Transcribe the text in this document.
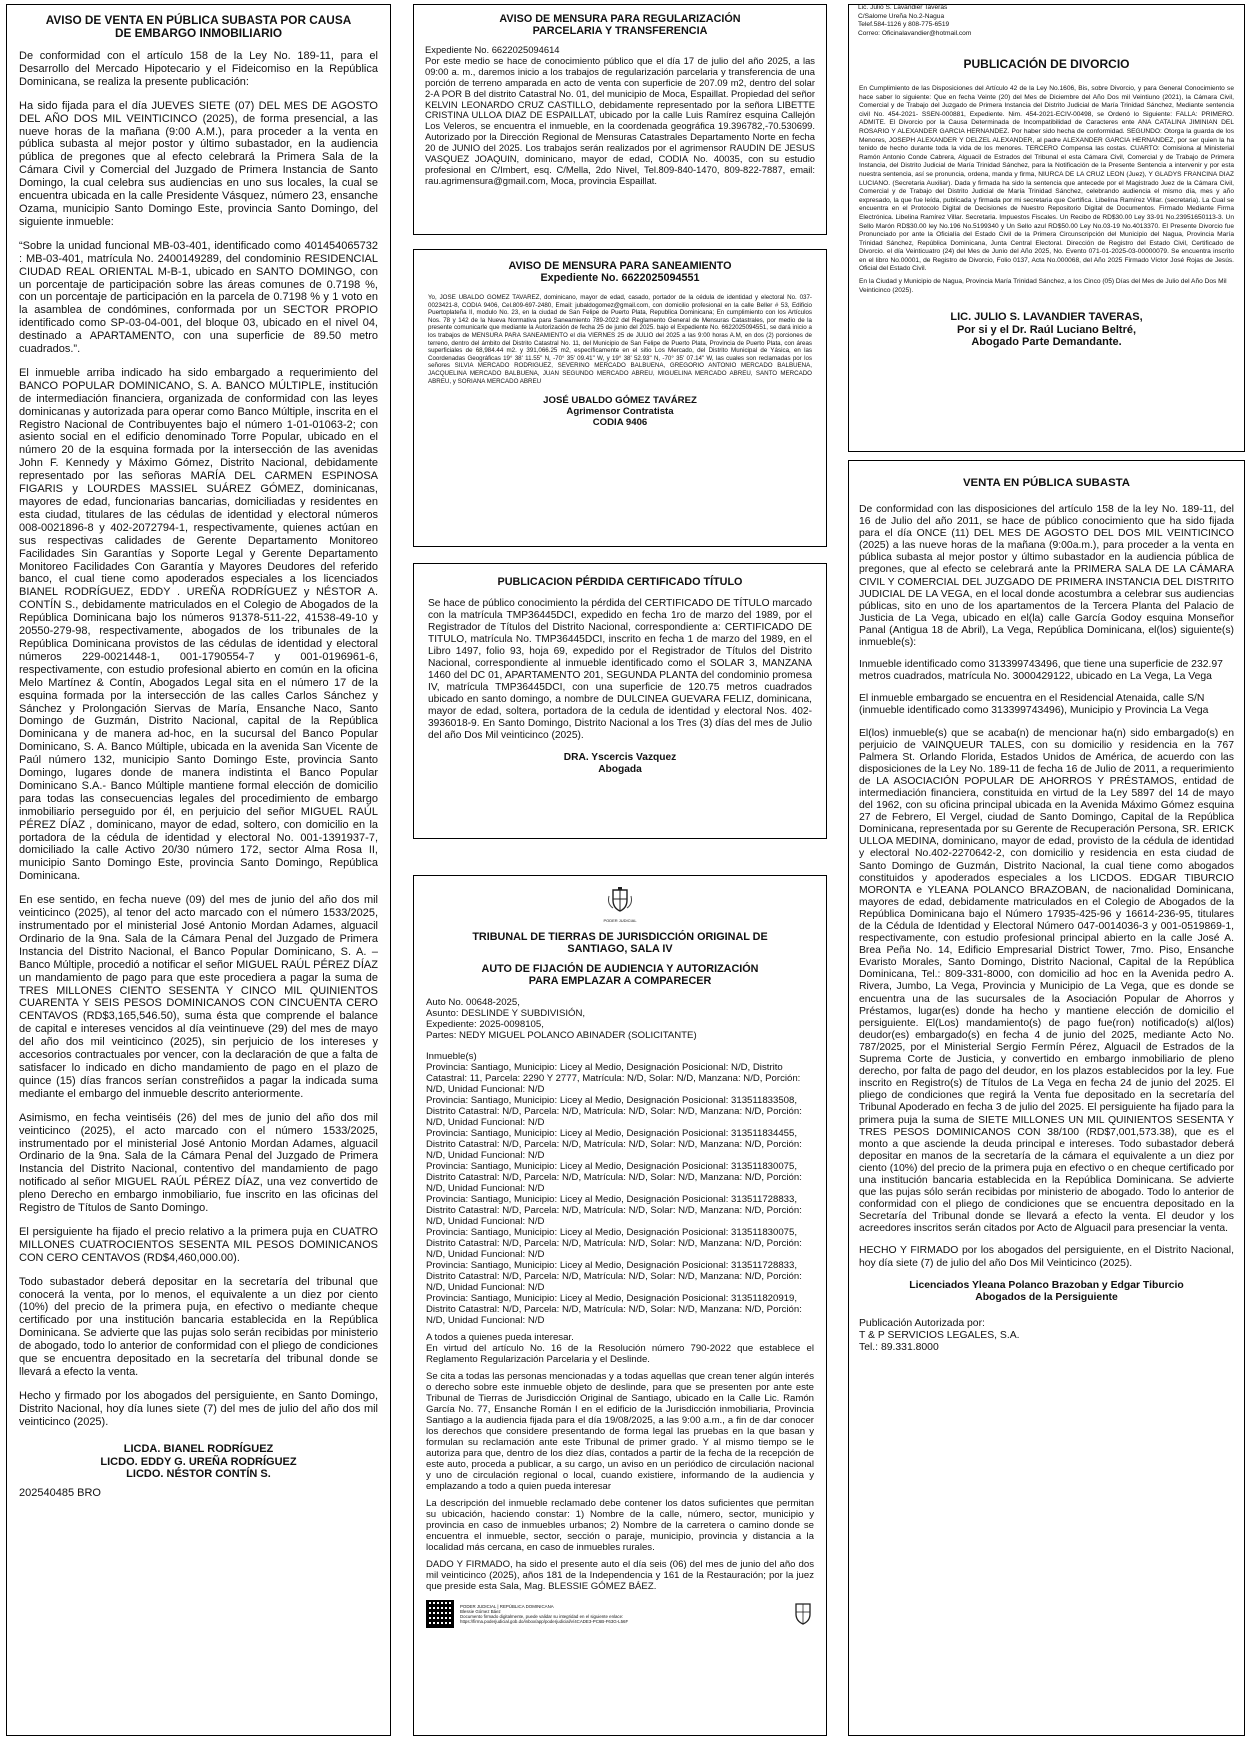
AVISO DE VENTA EN PÚBLICA SUBASTA POR CAUSA DE EMBARGO INMOBILIARIO

De conformidad con el artículo 158 de la Ley No. 189-11, para el Desarrollo del Mercado Hipotecario y el Fideicomiso en la República Dominicana, se realiza la presente publicación:

Ha sido fijada para el día JUEVES SIETE (07) DEL MES DE AGOSTO DEL AÑO DOS MIL VEINTICINCO (2025), de forma presencial, a las nueve horas de la mañana (9:00 A.M.), para proceder a la venta en pública subasta al mejor postor y último subastador, en la audiencia pública de pregones que al efecto celebrará la Primera Sala de la Cámara Civil y Comercial del Juzgado de Primera Instancia de Santo Domingo, la cual celebra sus audiencias en uno sus locales, la cual se encuentra ubicada en la calle Presidente Vásquez, número 23, ensanche Ozama, municipio Santo Domingo Este, provincia Santo Domingo, del siguiente inmueble:

“Sobre la unidad funcional MB-03-401, identificado como 401454065732 : MB-03-401, matrícula No. 2400149289, del condominio RESIDENCIAL CIUDAD REAL ORIENTAL M-B-1, ubicado en SANTO DOMINGO, con un porcentaje de participación sobre las áreas comunes de 0.7198 %, con un porcentaje de participación en la parcela de 0.7198 % y 1 voto en la asamblea de condómines, conformada por un SECTOR PROPIO identificado como SP-03-04-001, del bloque 03, ubicado en el nivel 04, destinado a APARTAMENTO, con una superficie de 89.50 metro cuadrados.”.

El inmueble arriba indicado ha sido embargado a requerimiento del BANCO POPULAR DOMINICANO, S. A. BANCO MÚLTIPLE, institución de intermediación financiera, organizada de conformidad con las leyes dominicanas y autorizada para operar como Banco Múltiple, inscrita en el Registro Nacional de Contribuyentes bajo el número 1-01-01063-2; con asiento social en el edificio denominado Torre Popular, ubicado en el número 20 de la esquina formada por la intersección de las avenidas John F. Kennedy y Máximo Gómez, Distrito Nacional, debidamente representado por las señoras MARÍA DEL CARMEN ESPINOSA FIGARIS y LOURDES MASSIEL SUÁREZ GÓMEZ, dominicanas, mayores de edad, funcionarias bancarias, domiciliadas y residentes en esta ciudad, titulares de las cédulas de identidad y electoral números 008-0021896-8 y 402-2072794-1, respectivamente, quienes actúan en sus respectivas calidades de Gerente Departamento Monitoreo Facilidades Sin Garantías y Soporte Legal y Gerente Departamento Monitoreo Facilidades Con Garantía y Mayores Deudores del referido banco, el cual tiene como apoderados especiales a los licenciados BIANEL RODRÍGUEZ, EDDY . UREÑA RODRÍGUEZ y NÉSTOR A. CONTÍN S., debidamente matriculados en el Colegio de Abogados de la República Dominicana bajo los números 91378-511-22, 41538-49-10 y 20550-279-98, respectivamente, abogados de los tribunales de la República Dominicana provistos de las cédulas de identidad y electoral números 229-0021448-1, 001-1790554-7 y 001-0196961-6, respectivamente, con estudio profesional abierto en común en la oficina Melo Martínez & Contín, Abogados Legal sita en el número 17 de la esquina formada por la intersección de las calles Carlos Sánchez y Sánchez y Prolongación Siervas de María, Ensanche Naco, Santo Domingo de Guzmán, Distrito Nacional, capital de la República Dominicana y de manera ad-hoc, en la sucursal del Banco Popular Dominicano, S. A. Banco Múltiple, ubicada en la avenida San Vicente de Paúl número 132, municipio Santo Domingo Este, provincia Santo Domingo, lugares donde de manera indistinta el Banco Popular Dominicano S.A.- Banco Múltiple mantiene formal elección de domicilio para todas las consecuencias legales del procedimiento de embargo inmobiliario perseguido por él, en perjuicio del señor MIGUEL RAÚL PÉREZ DÍAZ , dominicano, mayor de edad, soltero, con domicilio en la portadora de la cédula de identidad y electoral No. 001-1391937-7, domiciliado la calle Activo 20/30 número 172, sector Alma Rosa II, municipio Santo Domingo Este, provincia Santo Domingo, República Dominicana.

En ese sentido, en fecha nueve (09) del mes de junio del año dos mil veinticinco (2025), al tenor del acto marcado con el número 1533/2025, instrumentado por el ministerial José Antonio Mordan Adames, alguacil Ordinario de la 9na. Sala de la Cámara Penal del Juzgado de Primera Instancia del Distrito Nacional, el Banco Popular Dominicano, S. A. – Banco Múltiple, procedió a notificar el señor MIGUEL RAÚL PÉREZ DÍAZ un mandamiento de pago para que este procediera a pagar la suma de TRES MILLONES CIENTO SESENTA Y CINCO MIL QUINIENTOS CUARENTA Y SEIS PESOS DOMINICANOS CON CINCUENTA CERO CENTAVOS (RD$3,165,546.50), suma ésta que comprende el balance de capital e intereses vencidos al día veintinueve (29) del mes de mayo del año dos mil veinticinco (2025), sin perjuicio de los intereses y accesorios contractuales por vencer, con la declaración de que a falta de satisfacer lo indicado en dicho mandamiento de pago en el plazo de quince (15) días francos serían constreñidos a pagar la indicada suma mediante el embargo del inmueble descrito anteriormente.

Asimismo, en fecha veintiséis (26) del mes de junio del año dos mil veinticinco (2025), el acto marcado con el número 1533/2025, instrumentado por el ministerial José Antonio Mordan Adames, alguacil Ordinario de la 9na. Sala de la Cámara Penal del Juzgado de Primera Instancia del Distrito Nacional, contentivo del mandamiento de pago notificado al señor MIGUEL RAÚL PÉREZ DÍAZ, una vez convertido de pleno Derecho en embargo inmobiliario, fue inscrito en las oficinas del Registro de Títulos de Santo Domingo.

El persiguiente ha fijado el precio relativo a la primera puja en CUATRO MILLONES CUATROCIENTOS SESENTA MIL PESOS DOMINICANOS CON CERO CENTAVOS (RD$4,460,000.00).

Todo subastador deberá depositar en la secretaría del tribunal que conocerá la venta, por lo menos, el equivalente a un diez por ciento (10%) del precio de la primera puja, en efectivo o mediante cheque certificado por una institución bancaria establecida en la República Dominicana. Se advierte que las pujas solo serán recibidas por ministerio de abogado, todo lo anterior de conformidad con el pliego de condiciones que se encuentra depositado en la secretaría del tribunal donde se llevará a efecto la venta.

Hecho y firmado por los abogados del persiguiente, en Santo Domingo, Distrito Nacional, hoy día lunes siete (7) del mes de julio del año dos mil veinticinco (2025).

LICDA. BIANEL RODRÍGUEZ
LICDO. EDDY G. UREÑA RODRÍGUEZ
LICDO. NÉSTOR CONTÍN S.
202540485 BRO
AVISO DE MENSURA PARA REGULARIZACIÓN PARCELARIA Y TRANSFERENCIA
Expediente No. 6622025094614

Por este medio se hace de conocimiento público que el día 17 de julio del año 2025, a las 09:00 a. m., daremos inicio a los trabajos de regularización parcelaria y transferencia de una porción de terreno amparada en acto de venta con superficie de 207.09 m2, dentro del solar 2-A POR B del distrito Catastral No. 01, del municipio de Moca, Espaillat. Propiedad del señor KELVIN LEONARDO CRUZ CASTILLO, debidamente representado por la señora LIBETTE CRISTINA ULLOA DIAZ DE ESPAILLAT, ubicado por la calle Luis Ramírez esquina Callejón Los Veleros, se encuentra el inmueble, en la coordenada geográfica 19.396782,-70.530699. Autorizado por la Dirección Regional de Mensuras Catastrales Departamento Norte en fecha 20 de JUNIO del 2025. Los trabajos serán realizados por el agrimensor RAUDIN DE JESUS VASQUEZ JOAQUIN, dominicano, mayor de edad, CODIA No. 40035, con su estudio profesional en C/Imbert, esq. C/Mella, 2do Nivel, Tel.809-840-1470, 809-822-7887, email: rau.agrimensura@gmail.com, Moca, provincia Espaillat.

AVISO DE MENSURA PARA SANEAMIENTO
Expediente No. 6622025094551

Yo, JOSE UBALDO GOMEZ TAVAREZ, dominicano, mayor de edad, casado, portador de la cédula de identidad y electoral No. 037-0023421-8, CODIA 9406, Cel.809-697-2480, Email: jubaldogomez@gmail.com, con domicilio profesional en la calle Beller # 53, Edificio Puertoplateña II, modulo No. 23, en la ciudad de San Felipe de Puerto Plata, Republica Dominicana; En cumplimiento con los Artículos Nos. 78 y 142 de la Nueva Normativa para Saneamiento 789-2022 del Reglamento General de Mensuras Catastrales, por medio de la presente comunicarle que mediante la Autorización de fecha 25 de junio del 2025. bajo el Expediente No. 6622025094551, se dará inicio a los trabajos de MENSURA PARA SANEAMIENTO el día VIERNES 25 de JULIO del 2025 a las 9:00 horas A.M, en dos (2) porciones de terreno, dentro del ámbito del Distrito Catastral No. 11, del Municipio de San Felipe de Puerto Plata, Provincia de Puerto Plata, con áreas superficiales de 68,984.44 m2. y 391,066.25 m2, específicamente en el sitio Los Mercado, del Distrito Municipal de Yásica, en las Coordenadas Geográficas 19° 38' 11.55" N, -70° 35' 09.41" W, y 19° 38' 52.93" N, -70° 35' 07.14" W, las cuales son reclamadas por los señores SILVIA MERCADO RODRIGUEZ, SEVERINO MERCADO BALBUENA, GREGORIO ANTONIO MERCADO BALBUENA, JACQUELINA MERCADO BALBUENA, JUAN SEGUNDO MERCADO ABREU, MIGUELINA MERCADO ABREU, SANTO MERCADO ABREU, y SORIANA MERCADO ABREU

JOSÉ UBALDO GÓMEZ TAVÁREZ
Agrimensor Contratista
CODIA 9406
PUBLICACION PÉRDIDA CERTIFICADO TÍTULO

Se hace de público conocimiento la pérdida del CERTIFICADO DE TÍTULO marcado con la matrícula TMP36445DCI, expedido en fecha 1ro de marzo del 1989, por el Registrador de Títulos del Distrito Nacional, correspondiente a: CERTIFICADO DE TITULO, matrícula No. TMP36445DCI, inscrito en fecha 1 de marzo del 1989, en el Libro 1497, folio 93, hoja 69, expedido por el Registrador de Títulos del Distrito Nacional, correspondiente al inmueble identificado como el SOLAR 3, MANZANA 1460 del DC 01, APARTAMENTO 201, SEGUNDA PLANTA del condominio promesa IV, matrícula TMP36445DCI, con una superficie de 120.75 metros cuadrados ubicado en santo domingo, a nombre de DULCINEA GUEVARA FELIZ, dominicana, mayor de edad, soltera, portadora de la cedula de identidad y electoral Nos. 402-3936018-9. En Santo Domingo, Distrito Nacional a los Tres (3) días del mes de Julio del año Dos Mil veinticinco (2025).

DRA. Yscercis Vazquez
Abogada
PODER JUDICIAL
TRIBUNAL DE TIERRAS DE JURISDICCIÓN ORIGINAL DE SANTIAGO, SALA IV
AUTO DE FIJACIÓN DE AUDIENCIA Y AUTORIZACIÓN PARA EMPLAZAR A COMPARECER
Auto No. 00648-2025,
Asunto: DESLINDE Y SUBDIVISIÓN,
Expediente: 2025-0098105,
Partes: NEDY MIGUEL POLANCO ABINADER (SOLICITANTE)

Inmueble(s)
Provincia: Santiago, Municipio: Licey al Medio, Designación Posicional: N/D, Distrito Catastral: 11, Parcela: 2290 Y 2777, Matrícula: N/D, Solar: N/D, Manzana: N/D, Porción: N/D, Unidad Funcional: N/D
Provincia: Santiago, Municipio: Licey al Medio, Designación Posicional: 313511833508, Distrito Catastral: N/D, Parcela: N/D, Matrícula: N/D, Solar: N/D, Manzana: N/D, Porción: N/D, Unidad Funcional: N/D
Provincia: Santiago, Municipio: Licey al Medio, Designación Posicional: 313511834455, Distrito Catastral: N/D, Parcela: N/D, Matrícula: N/D, Solar: N/D, Manzana: N/D, Porción: N/D, Unidad Funcional: N/D
Provincia: Santiago, Municipio: Licey al Medio, Designación Posicional: 313511830075, Distrito Catastral: N/D, Parcela: N/D, Matrícula: N/D, Solar: N/D, Manzana: N/D, Porción: N/D, Unidad Funcional: N/D
Provincia: Santiago, Municipio: Licey al Medio, Designación Posicional: 313511728833, Distrito Catastral: N/D, Parcela: N/D, Matrícula: N/D, Solar: N/D, Manzana: N/D, Porción: N/D, Unidad Funcional: N/D
Provincia: Santiago, Municipio: Licey al Medio, Designación Posicional: 313511830075, Distrito Catastral: N/D, Parcela: N/D, Matrícula: N/D, Solar: N/D, Manzana: N/D, Porción: N/D, Unidad Funcional: N/D
Provincia: Santiago, Municipio: Licey al Medio, Designación Posicional: 313511728833, Distrito Catastral: N/D, Parcela: N/D, Matrícula: N/D, Solar: N/D, Manzana: N/D, Porción: N/D, Unidad Funcional: N/D
Provincia: Santiago, Municipio: Licey al Medio, Designación Posicional: 313511820919, Distrito Catastral: N/D, Parcela: N/D, Matrícula: N/D, Solar: N/D, Manzana: N/D, Porción: N/D, Unidad Funcional: N/D

A todos a quienes pueda interesar.
En virtud del artículo No. 16 de la Resolución número 790-2022 que establece el Reglamento Regularización Parcelaria y el Deslinde.

Se cita a todas las personas mencionadas y a todas aquellas que crean tener algún interés o derecho sobre este inmueble objeto de deslinde, para que se presenten por ante este Tribunal de Tierras de Jurisdicción Original de Santiago, ubicado en la Calle Lic. Ramón García No. 77, Ensanche Román I en el edificio de la Jurisdicción inmobiliaria, Provincia Santiago a la audiencia fijada para el día 19/08/2025, a las 9:00 a.m., a fin de dar conocer los derechos que considere presentando de forma legal las pruebas en la que basan y formulan su reclamación ante este Tribunal de primer grado. Y al mismo tiempo se le autoriza para que, dentro de los diez días, contados a partir de la fecha de la recepción de este auto, proceda a publicar, a su cargo, un aviso en un periódico de circulación nacional y uno de circulación regional o local, cuando existiere, informando de la audiencia y emplazando a todo a quien pueda interesar

La descripción del inmueble reclamado debe contener los datos suficientes que permitan su ubicación, haciendo constar: 1) Nombre de la calle, número, sector, municipio y provincia en caso de inmuebles urbanos; 2) Nombre de la carretera o camino donde se encuentra el inmueble, sector, sección o paraje, municipio, provincia y distancia a la localidad más cercana, en caso de inmuebles rurales.

DADO Y FIRMADO, ha sido el presente auto el día seis (06) del mes de junio del año dos mil veinticinco (2025), años 181 de la Independencia y 161 de la Restauración; por la juez que preside esta Sala, Mag. BLESSIE GÓMEZ BÁEZ.

PODER JUDICIAL | REPÚBLICA DOMINICANA
Blessie Gómez Báez
Documento firmado digitalmente, puede validar su integridad en el siguiente enlace:
https://firma.poderjudicial.gob.do/inbox/app/poderjudicial/v/4CADE3-PC6B-F63G-L56F
Lic. Julio S. Lavandier Taveras
C/Salome Ureña No.2-Nagua
Telef.584-1126 y 808-775-6519
Correo: Oficinalavandier@hotmail.com
PUBLICACIÓN DE DIVORCIO

En Cumplimiento de las Disposiciones del Artículo 42 de la Ley No.1606, Bis, sobre Divorcio, y para General Conocimiento se hace saber lo siguiente: Que en fecha Veinte (20) del Mes de Diciembre del Año Dos mil Veintiuno (2021), la Cámara Civil, Comercial y de Trabajo del Juzgado de Primera Instancia del Distrito Judicial de María Trinidad Sánchez, Mediante sentencia civil No. 454-2021- SSEN-000881, Expediente. Nim. 454-2021-ECIV-00498, se Ordenó lo Siguiente: FALLA: PRIMERO. ADMITE. El Divorcio por la Causa Determinada de Incompatibilidad de Caracteres ente ANA CATALINA JIMINIAN DEL ROSARIO Y ALEXANDER GARCIA HERNANDEZ. Por haber sido hecha de conformidad. SEGUNDO: Otorga la guarda de los Menores, JOSEPH ALEXANDER Y DELZEL ALEXANDER, al padre ALEXANDER GARCIA HERNANDEZ, por ser quien la ha tenido de hecho durante toda la vida de los menores. TERCERO Compensa las costas. CUARTO: Comisiona al Ministerial Ramón Antonio Conde Cabrera, Alguacil de Estrados del Tribunal el esta Cámara Civil, Comercial y de Trabajo de Primera Instancia, del Distrito Judicial de María Trinidad Sánchez, para la Notificación de la Presente Sentencia a intervenir y por esta nuestra sentencia, así se pronuncia, ordena, manda y firma, NIURCA DE LA CRUZ LEON (Juez), Y GLADYS FRANCINA DIAZ LUCIANO. (Secretaria Auxiliar). Dada y firmada ha sido la sentencia que antecede por el Magistrado Juez de la Cámara Civil, Comercial y de Trabajo del Distrito Judicial de María Trinidad Sánchez, celebrando audiencia el mismo día, mes y año expresado, la que fue leída, publicada y firmada por mi secretaria que Certifica. Libelina Ramírez Villar. (secretaria). La Cual se encuentra en el Protocolo Digital de Decisiones de Nuestro Repositorio Digital de Documentos. Firmado Mediante Firma Electrónica. Libelina Ramírez Villar. Secretaria. Impuestos Fiscales. Un Recibo de RD$30.00 Ley 33-91 No.23951650113-3. Un Sello Marón RD$30.00 ley No.196 No.5199340 y Un Sello azul RD$50.00 Ley No.03-19 No.4013370. El Presente Divorcio fue Pronunciado por ante la Oficialía del Estado Civil de la Primera Circunscripción del Municipio del Nagua, Provincia María Trinidad Sánchez, República Dominicana, Junta Central Electoral. Dirección de Registro del Estado Civil, Certificado de Divorcio. el día Veinticuatro (24) del Mes de Junio del Año 2025, No. Evento 071-01-2025-03-00000079. Se encuentra inscrito en el libro No.00001, de Registro de Divorcio, Folio 0137, Acta No.000068, del Año 2025 Firmado Víctor José Rojas de Jesús. Oficial del Estado Civil.

En la Ciudad y Municipio de Nagua, Provincia María Trinidad Sánchez, a los Cinco (05) Días del Mes de Julio del Año Dos Mil Veinticinco (2025).

LIC. JULIO S. LAVANDIER TAVERAS,
Por si y el Dr. Raúl Luciano Beltré,
Abogado Parte Demandante.
VENTA EN PÚBLICA SUBASTA

De conformidad con las disposiciones del artículo 158 de la ley No. 189-11, del 16 de Julio del año 2011, se hace de público conocimiento que ha sido fijada para el día ONCE (11) DEL MES DE AGOSTO DEL DOS MIL VEINTICINCO (2025) a las nueve horas de la mañana (9:00a.m.), para proceder a la venta en pública subasta al mejor postor y último subastador en la audiencia pública de pregones, que al efecto se celebrará ante la PRIMERA SALA DE LA CÁMARA CIVIL Y COMERCIAL DEL JUZGADO DE PRIMERA INSTANCIA DEL DISTRITO JUDICIAL DE LA VEGA, en el local donde acostumbra a celebrar sus audiencias públicas, sito en uno de los apartamentos de la Tercera Planta del Palacio de Justicia de La Vega, ubicado en el(la) calle García Godoy esquina Monseñor Panal (Antigua 18 de Abril), La Vega, República Dominicana, el(los) siguiente(s) inmueble(s):

Inmueble identificado como 313399743496, que tiene una superficie de 232.97 metros cuadrados, matrícula No. 3000429122, ubicado en La Vega, La Vega

El inmueble embargado se encuentra en el Residencial Atenaida, calle S/N (inmueble identificado como 313399743496), Municipio y Provincia La Vega

El(los) inmueble(s) que se acaba(n) de mencionar ha(n) sido embargado(s) en perjuicio de VAINQUEUR TALES, con su domicilio y residencia en la 767 Palmera St. Orlando Florida, Estados Unidos de América, de acuerdo con las disposiciones de la Ley No. 189-11 de fecha 16 de Julio de 2011, a requerimiento de LA ASOCIACIÓN POPULAR DE AHORROS Y PRÉSTAMOS, entidad de intermediación financiera, constituida en virtud de la Ley 5897 del 14 de mayo del 1962, con su oficina principal ubicada en la Avenida Máximo Gómez esquina 27 de Febrero, El Vergel, ciudad de Santo Domingo, Capital de la República Dominicana, representada por su Gerente de Recuperación Persona, SR. ERICK ULLOA MEDINA, dominicano, mayor de edad, provisto de la cédula de identidad y electoral No.402-2270642-2, con domicilio y residencia en esta ciudad de Santo Domingo de Guzmán, Distrito Nacional, la cual tiene como abogados constituidos y apoderados especiales a los LICDOS. EDGAR TIBURCIO MORONTA e YLEANA POLANCO BRAZOBAN, de nacionalidad Dominicana, mayores de edad, debidamente matriculados en el Colegio de Abogados de la República Dominicana bajo el Número 17935-425-96 y 16614-236-95, titulares de la Cédula de Identidad y Electoral Número 047-0014036-3 y 001-0519869-1, respectivamente, con estudio profesional principal abierto en la calle José A. Brea Peña No. 14, Edificio Empresarial District Tower, 7mo. Piso, Ensanche Evaristo Morales, Santo Domingo, Distrito Nacional, Capital de la República Dominicana, Tel.: 809-331-8000, con domicilio ad hoc en la Avenida pedro A. Rivera, Jumbo, La Vega, Provincia y Municipio de La Vega, que es donde se encuentra una de las sucursales de la Asociación Popular de Ahorros y Préstamos, lugar(es) donde ha hecho y mantiene elección de domicilio el persiguiente. El(Los) mandamiento(s) de pago fue(ron) notificado(s) al(los) deudor(es) embargado(s) en fecha 4 de junio del 2025, mediante Acto No. 787/2025, por el Ministerial Sergio Fermín Pérez, Alguacil de Estrados de la Suprema Corte de Justicia, y convertido en embargo inmobiliario de pleno derecho, por falta de pago del deudor, en los plazos establecidos por la ley. Fue inscrito en Registro(s) de Títulos de La Vega en fecha 24 de junio del 2025. El pliego de condiciones que regirá la Venta fue depositado en la secretaría del Tribunal Apoderado en fecha 3 de julio del 2025. El persiguiente ha fijado para la primera puja la suma de SIETE MILLONES UN MIL QUINIENTOS SESENTA Y TRES PESOS DOMINICANOS CON 38/100 (RD$7,001,573.38), que es el monto a que asciende la deuda principal e intereses. Todo subastador deberá depositar en manos de la secretaría de la cámara el equivalente a un diez por ciento (10%) del precio de la primera puja en efectivo o en cheque certificado por una institución bancaria establecida en la República Dominicana. Se advierte que las pujas sólo serán recibidas por ministerio de abogado. Todo lo anterior de conformidad con el pliego de condiciones que se encuentra depositado en la Secretaría del Tribunal donde se llevará a efecto la venta. El deudor y los acreedores inscritos serán citados por Acto de Alguacil para presenciar la venta.

HECHO Y FIRMADO por los abogados del persiguiente, en el Distrito Nacional, hoy día siete (7) de julio del año Dos Mil Veinticinco (2025).

Licenciados Yleana Polanco Brazoban y Edgar Tiburcio
Abogados de la Persiguiente
Publicación Autorizada por:
T & P SERVICIOS LEGALES, S.A.
Tel.: 89.331.8000
